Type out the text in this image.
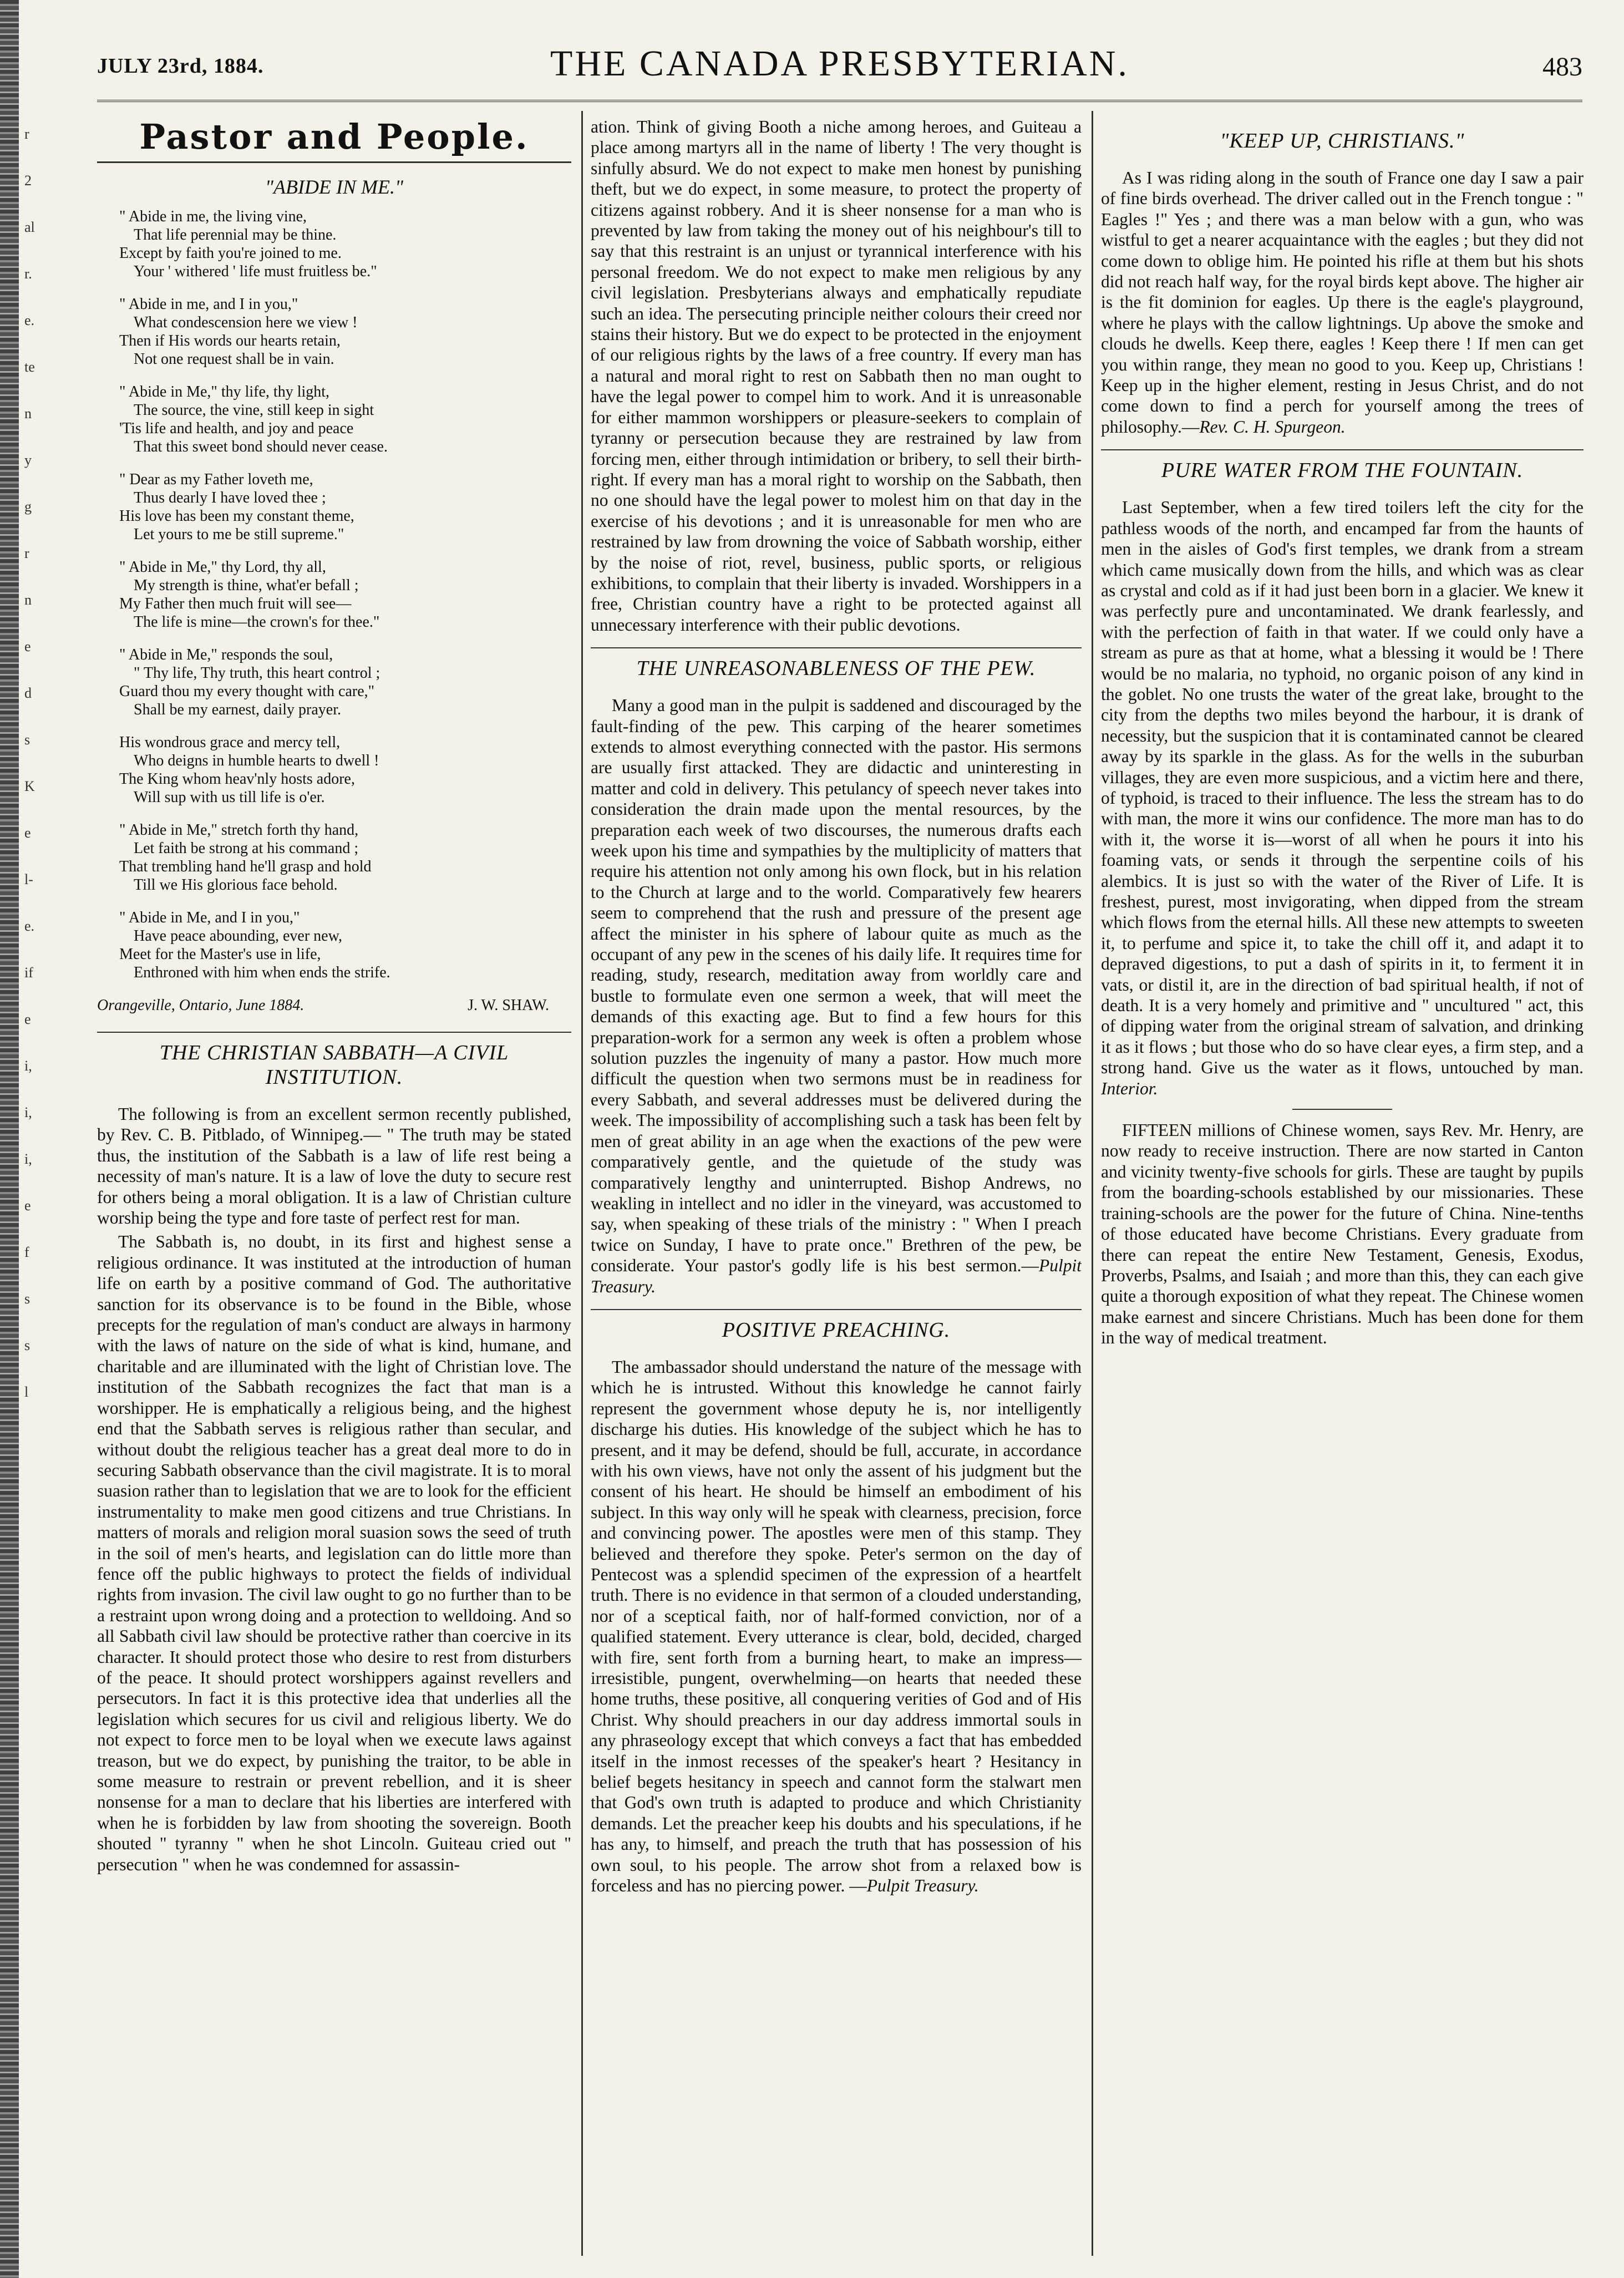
r
2
al
r.
e.
te
n
y
g
r
n
e
d
s
K
e
l-
e.
if
e
i,
i,
i,
e
f
s
s
l
JULY 23rd, 1884.	THE CANADA PRESBYTERIAN.	483
Pastor and People.
"ABIDE IN ME."
" Abide in me, the living vine,
That life perennial may be thine.
Except by faith you're joined to me.
Your ' withered ' life must fruitless be."
" Abide in me, and I in you,"
What condescension here we view !
Then if His words our hearts retain,
Not one request shall be in vain.
" Abide in Me," thy life, thy light,
The source, the vine, still keep in sight
'Tis life and health, and joy and peace
That this sweet bond should never cease.
" Dear as my Father loveth me,
Thus dearly I have loved thee ;
His love has been my constant theme,
Let yours to me be still supreme."
" Abide in Me," thy Lord, thy all,
My strength is thine, what'er befall ;
My Father then much fruit will see—
The life is mine—the crown's for thee."
" Abide in Me," responds the soul,
" Thy life, Thy truth, this heart control ;
Guard thou my every thought with care,"
Shall be my earnest, daily prayer.
His wondrous grace and mercy tell,
Who deigns in humble hearts to dwell !
The King whom heav'nly hosts adore,
Will sup with us till life is o'er.
" Abide in Me," stretch forth thy hand,
Let faith be strong at his command ;
That trembling hand he'll grasp and hold
Till we His glorious face behold.
" Abide in Me, and I in you,"
Have peace abounding, ever new,
Meet for the Master's use in life,
Enthroned with him when ends the strife.
Orangeville, Ontario, June 1884.	J. W. SHAW.
THE CHRISTIAN SABBATH—A CIVIL INSTITUTION.

The following is from an excellent sermon recently published, by Rev. C. B. Pitblado, of Winnipeg.— " The truth may be stated thus, the institution of the Sabbath is a law of life rest being a necessity of man's nature. It is a law of love the duty to secure rest for others being a moral obligation. It is a law of Christian culture worship being the type and fore taste of perfect rest for man.

The Sabbath is, no doubt, in its first and highest sense a religious ordinance. It was instituted at the introduction of human life on earth by a positive command of God. The authoritative sanction for its observance is to be found in the Bible, whose precepts for the regulation of man's conduct are always in harmony with the laws of nature on the side of what is kind, humane, and charitable and are illuminated with the light of Christian love. The institution of the Sabbath recognizes the fact that man is a worshipper. He is emphatically a religious being, and the highest end that the Sabbath serves is religious rather than secular, and without doubt the religious teacher has a great deal more to do in securing Sabbath observance than the civil magistrate. It is to moral suasion rather than to legislation that we are to look for the efficient instrumentality to make men good citizens and true Christians. In matters of morals and religion moral suasion sows the seed of truth in the soil of men's hearts, and legislation can do little more than fence off the public highways to protect the fields of individual rights from invasion. The civil law ought to go no further than to be a restraint upon wrong doing and a protection to welldoing. And so all Sabbath civil law should be protective rather than coercive in its character. It should protect those who desire to rest from disturbers of the peace. It should protect worshippers against revellers and persecutors. In fact it is this protective idea that underlies all the legislation which secures for us civil and religious liberty. We do not expect to force men to be loyal when we execute laws against treason, but we do expect, by punishing the traitor, to be able in some measure to restrain or prevent rebellion, and it is sheer nonsense for a man to declare that his liberties are interfered with when he is forbidden by law from shooting the sovereign. Booth shouted " tyranny " when he shot Lincoln. Guiteau cried out " persecution " when he was condemned for assassin-

ation. Think of giving Booth a niche among heroes, and Guiteau a place among martyrs all in the name of liberty ! The very thought is sinfully absurd. We do not expect to make men honest by punishing theft, but we do expect, in some measure, to protect the property of citizens against robbery. And it is sheer nonsense for a man who is prevented by law from taking the money out of his neighbour's till to say that this restraint is an unjust or tyrannical interference with his personal freedom. We do not expect to make men religious by any civil legislation. Presbyterians always and emphatically repudiate such an idea. The persecuting principle neither colours their creed nor stains their history. But we do expect to be protected in the enjoyment of our religious rights by the laws of a free country. If every man has a natural and moral right to rest on Sabbath then no man ought to have the legal power to compel him to work. And it is unreasonable for either mammon worshippers or pleasure-seekers to complain of tyranny or persecution because they are restrained by law from forcing men, either through intimidation or bribery, to sell their birth-right. If every man has a moral right to worship on the Sabbath, then no one should have the legal power to molest him on that day in the exercise of his devotions ; and it is unreasonable for men who are restrained by law from drowning the voice of Sabbath worship, either by the noise of riot, revel, business, public sports, or religious exhibitions, to complain that their liberty is invaded. Worshippers in a free, Christian country have a right to be protected against all unnecessary interference with their public devotions.

THE UNREASONABLENESS OF THE PEW.

Many a good man in the pulpit is saddened and discouraged by the fault-finding of the pew. This carping of the hearer sometimes extends to almost everything connected with the pastor. His sermons are usually first attacked. They are didactic and uninteresting in matter and cold in delivery. This petulancy of speech never takes into consideration the drain made upon the mental resources, by the preparation each week of two discourses, the numerous drafts each week upon his time and sympathies by the multiplicity of matters that require his attention not only among his own flock, but in his relation to the Church at large and to the world. Comparatively few hearers seem to comprehend that the rush and pressure of the present age affect the minister in his sphere of labour quite as much as the occupant of any pew in the scenes of his daily life. It requires time for reading, study, research, meditation away from worldly care and bustle to formulate even one sermon a week, that will meet the demands of this exacting age. But to find a few hours for this preparation-work for a sermon any week is often a problem whose solution puzzles the ingenuity of many a pastor. How much more difficult the question when two sermons must be in readiness for every Sabbath, and several addresses must be delivered during the week. The impossibility of accomplishing such a task has been felt by men of great ability in an age when the exactions of the pew were comparatively gentle, and the quietude of the study was comparatively lengthy and uninterrupted. Bishop Andrews, no weakling in intellect and no idler in the vineyard, was accustomed to say, when speaking of these trials of the ministry : " When I preach twice on Sunday, I have to prate once." Brethren of the pew, be considerate. Your pastor's godly life is his best sermon.—Pulpit Treasury.

POSITIVE PREACHING.

The ambassador should understand the nature of the message with which he is intrusted. Without this knowledge he cannot fairly represent the government whose deputy he is, nor intelligently discharge his duties. His knowledge of the subject which he has to present, and it may be defend, should be full, accurate, in accordance with his own views, have not only the assent of his judgment but the consent of his heart. He should be himself an embodiment of his subject. In this way only will he speak with clearness, precision, force and convincing power. The apostles were men of this stamp. They believed and therefore they spoke. Peter's sermon on the day of Pentecost was a splendid specimen of the expression of a heartfelt truth. There is no evidence in that sermon of a clouded understanding, nor of a sceptical faith, nor of half-formed conviction, nor of a qualified statement. Every utterance is clear, bold, decided, charged with fire, sent forth from a burning heart, to make an impress—irresistible, pungent, overwhelming—on hearts that needed these home truths, these positive, all conquering verities of God and of His Christ. Why should preachers in our day address immortal souls in any phraseology except that which conveys a fact that has embedded itself in the inmost recesses of the speaker's heart ? Hesitancy in belief begets hesitancy in speech and cannot form the stalwart men that God's own truth is adapted to produce and which Christianity demands. Let the preacher keep his doubts and his speculations, if he has any, to himself, and preach the truth that has possession of his own soul, to his people. The arrow shot from a relaxed bow is forceless and has no piercing power. —Pulpit Treasury.

"KEEP UP, CHRISTIANS."

As I was riding along in the south of France one day I saw a pair of fine birds overhead. The driver called out in the French tongue : " Eagles !" Yes ; and there was a man below with a gun, who was wistful to get a nearer acquaintance with the eagles ; but they did not come down to oblige him. He pointed his rifle at them but his shots did not reach half way, for the royal birds kept above. The higher air is the fit dominion for eagles. Up there is the eagle's playground, where he plays with the callow lightnings. Up above the smoke and clouds he dwells. Keep there, eagles ! Keep there ! If men can get you within range, they mean no good to you. Keep up, Christians ! Keep up in the higher element, resting in Jesus Christ, and do not come down to find a perch for yourself among the trees of philosophy.—Rev. C. H. Spurgeon.

PURE WATER FROM THE FOUNTAIN.

Last September, when a few tired toilers left the city for the pathless woods of the north, and encamped far from the haunts of men in the aisles of God's first temples, we drank from a stream which came musically down from the hills, and which was as clear as crystal and cold as if it had just been born in a glacier. We knew it was perfectly pure and uncontaminated. We drank fearlessly, and with the perfection of faith in that water. If we could only have a stream as pure as that at home, what a blessing it would be ! There would be no malaria, no typhoid, no organic poison of any kind in the goblet. No one trusts the water of the great lake, brought to the city from the depths two miles beyond the harbour, it is drank of necessity, but the suspicion that it is contaminated cannot be cleared away by its sparkle in the glass. As for the wells in the suburban villages, they are even more suspicious, and a victim here and there, of typhoid, is traced to their influence. The less the stream has to do with man, the more it wins our confidence. The more man has to do with it, the worse it is—worst of all when he pours it into his foaming vats, or sends it through the serpentine coils of his alembics. It is just so with the water of the River of Life. It is freshest, purest, most invigorating, when dipped from the stream which flows from the eternal hills. All these new attempts to sweeten it, to perfume and spice it, to take the chill off it, and adapt it to depraved digestions, to put a dash of spirits in it, to ferment it in vats, or distil it, are in the direction of bad spiritual health, if not of death. It is a very homely and primitive and " uncultured " act, this of dipping water from the original stream of salvation, and drinking it as it flows ; but those who do so have clear eyes, a firm step, and a strong hand. Give us the water as it flows, untouched by man. Interior.

FIFTEEN millions of Chinese women, says Rev. Mr. Henry, are now ready to receive instruction. There are now started in Canton and vicinity twenty-five schools for girls. These are taught by pupils from the boarding-schools established by our missionaries. These training-schools are the power for the future of China. Nine-tenths of those educated have become Christians. Every graduate from there can repeat the entire New Testament, Genesis, Exodus, Proverbs, Psalms, and Isaiah ; and more than this, they can each give quite a thorough exposition of what they repeat. The Chinese women make earnest and sincere Christians. Much has been done for them in the way of medical treatment.
